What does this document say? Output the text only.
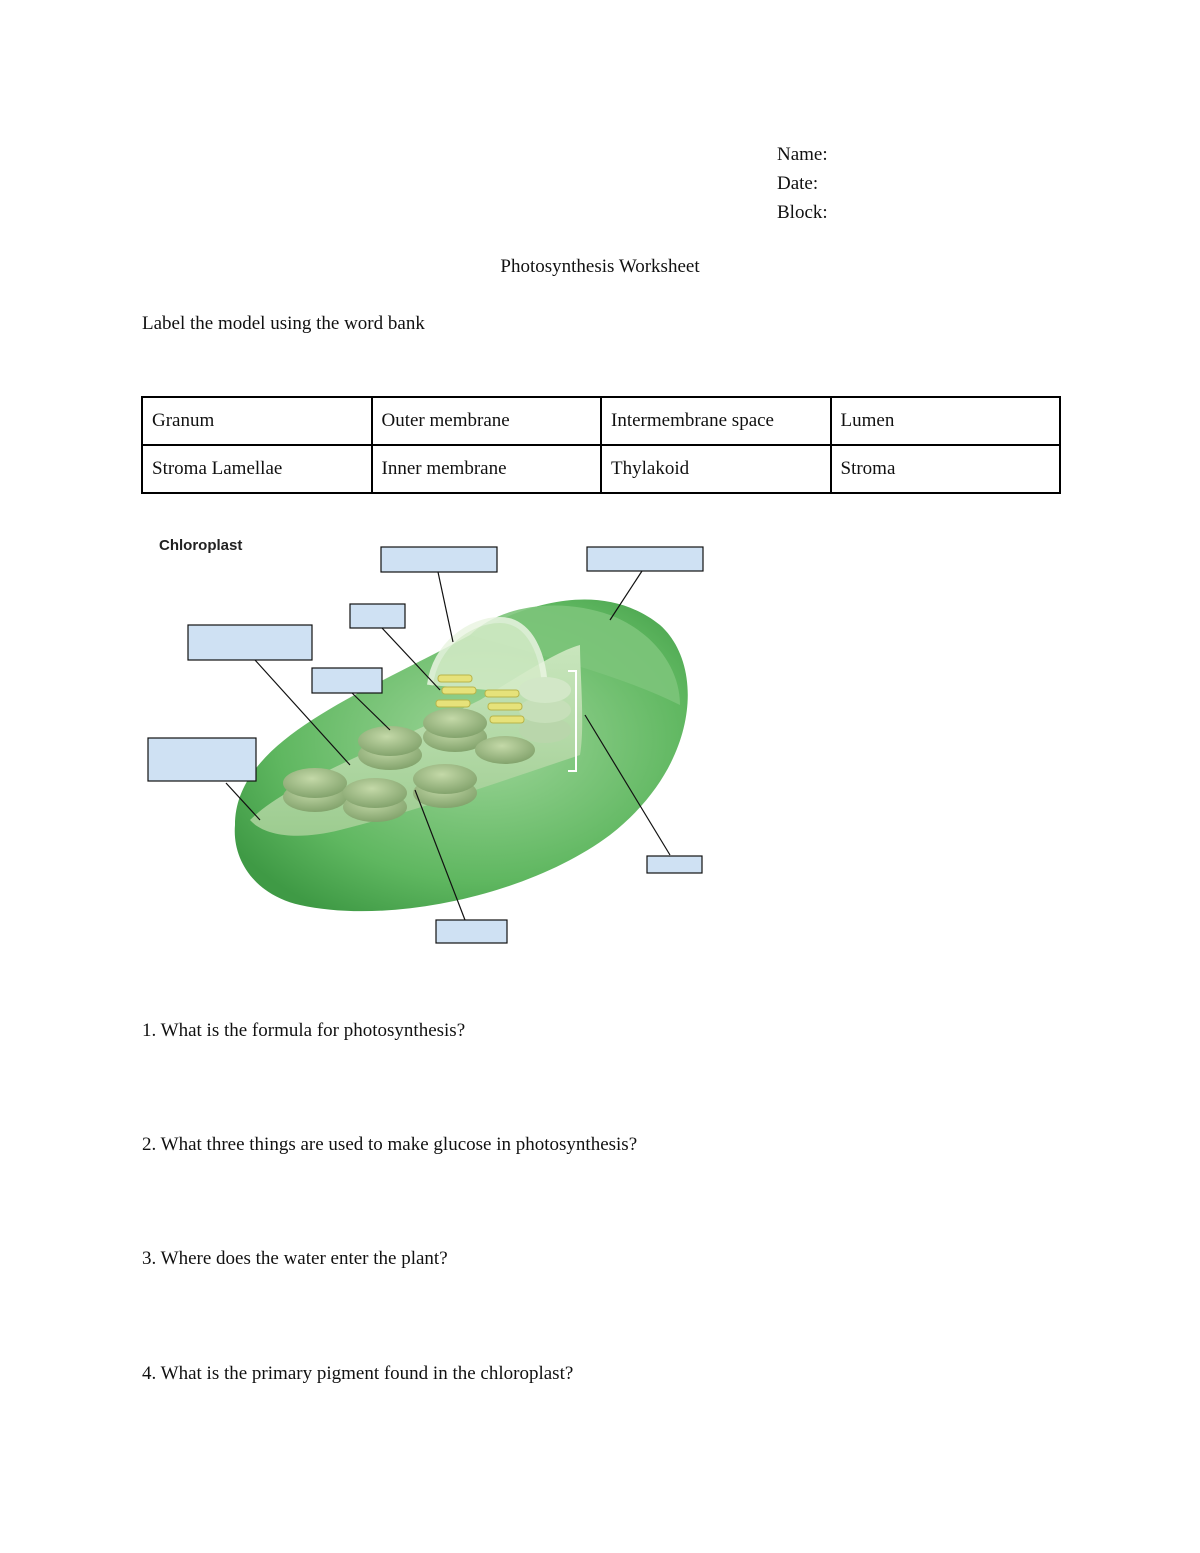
Name:
Date:
Block:
Photosynthesis Worksheet
Label the model using the word bank
Granum	Outer membrane	Intermembrane space	Lumen
Stroma Lamellae	Inner membrane	Thylakoid	Stroma
Chloroplast
1. What is the formula for photosynthesis?
2. What three things are used to make glucose in photosynthesis?
3. Where does the water enter the plant?
4. What is the primary pigment found in the chloroplast?
